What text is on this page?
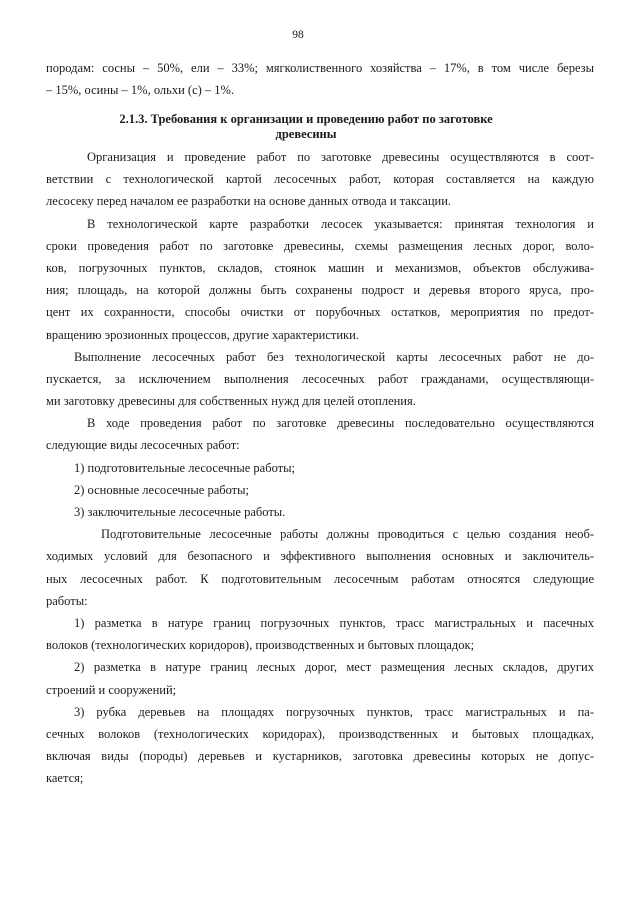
98
породам: сосны – 50%, ели – 33%; мягколиственного хозяйства – 17%, в том числе березы
– 15%, осины – 1%, ольхи (с) – 1%.
2.1.3. Требования к организации и проведению работ по заготовке
древесины
Организация и проведение работ по заготовке древесины осуществляются в соот-
ветствии с технологической картой лесосечных работ, которая составляется на каждую
лесосеку перед началом ее разработки на основе данных отвода и таксации.
В технологической карте разработки лесосек указывается: принятая технология и
сроки проведения работ по заготовке древесины, схемы размещения лесных дорог, воло-
ков, погрузочных пунктов, складов, стоянок машин и механизмов, объектов обслужива-
ния; площадь, на которой должны быть сохранены подрост и деревья второго яруса, про-
цент их сохранности, способы очистки от порубочных остатков, мероприятия по предот-
вращению эрозионных процессов, другие характеристики.
Выполнение лесосечных работ без технологической карты лесосечных работ не до-
пускается, за исключением выполнения лесосечных работ гражданами, осуществляющи-
ми заготовку древесины для собственных нужд для целей отопления.
В ходе проведения работ по заготовке древесины последовательно осуществляются
следующие виды лесосечных работ:
1) подготовительные лесосечные работы;
2) основные лесосечные работы;
3) заключительные лесосечные работы.
Подготовительные лесосечные работы должны проводиться с целью создания необ-
ходимых условий для безопасного и эффективного выполнения основных и заключитель-
ных лесосечных работ. К подготовительным лесосечным работам относятся следующие
работы:
1) разметка в натуре границ погрузочных пунктов, трасс магистральных и пасечных
волоков (технологических коридоров), производственных и бытовых площадок;
2) разметка в натуре границ лесных дорог, мест размещения лесных складов, других
строений и сооружений;
3) рубка деревьев на площадях погрузочных пунктов, трасс магистральных и па-
сечных волоков (технологических коридорах), производственных и бытовых площадках,
включая виды (породы) деревьев и кустарников, заготовка древесины которых не допус-
кается;
